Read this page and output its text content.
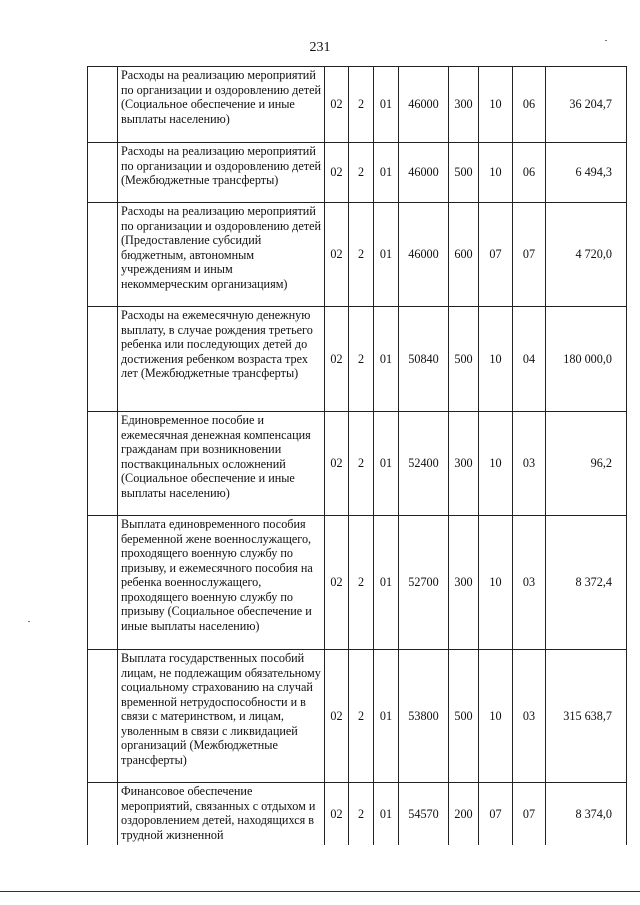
231
	Расходы на реализацию мероприятий по организации и оздоровлению детей (Социальное обеспечение и иные выплаты населению)	02	2	01	46000	300	10	06	36 204,7
	Расходы на реализацию мероприятий по организации и оздоровлению детей (Межбюджетные трансферты)	02	2	01	46000	500	10	06	6 494,3
	Расходы на реализацию мероприятий по организации и оздоровлению детей (Предоставление субсидий бюджетным, автономным учреждениям и иным некоммерческим организациям)	02	2	01	46000	600	07	07	4 720,0
	Расходы на ежемесячную денежную выплату, в случае рождения третьего ребенка или последующих детей до достижения ребенком возраста трех лет (Межбюджетные трансферты)	02	2	01	50840	500	10	04	180 000,0
	Единовременное пособие и ежемесячная денежная компенсация гражданам при возникновении поствакцинальных осложнений (Социальное обеспечение и иные выплаты населению)	02	2	01	52400	300	10	03	96,2
	Выплата единовременного пособия беременной жене военнослужащего, проходящего военную службу по призыву, и ежемесячного пособия на ребенка военнослужащего, проходящего военную службу по призыву (Социальное обеспечение и иные выплаты населению)	02	2	01	52700	300	10	03	8 372,4
	Выплата государственных пособий лицам, не подлежащим обязательному социальному страхованию на случай временной нетрудоспособности и в связи с материнством, и лицам, уволенным в связи с ликвидацией организаций (Межбюджетные трансферты)	02	2	01	53800	500	10	03	315 638,7
	Финансовое обеспечение мероприятий, связанных с отдыхом и оздоровлением детей, находящихся в трудной жизненной	02	2	01	54570	200	07	07	8 374,0
